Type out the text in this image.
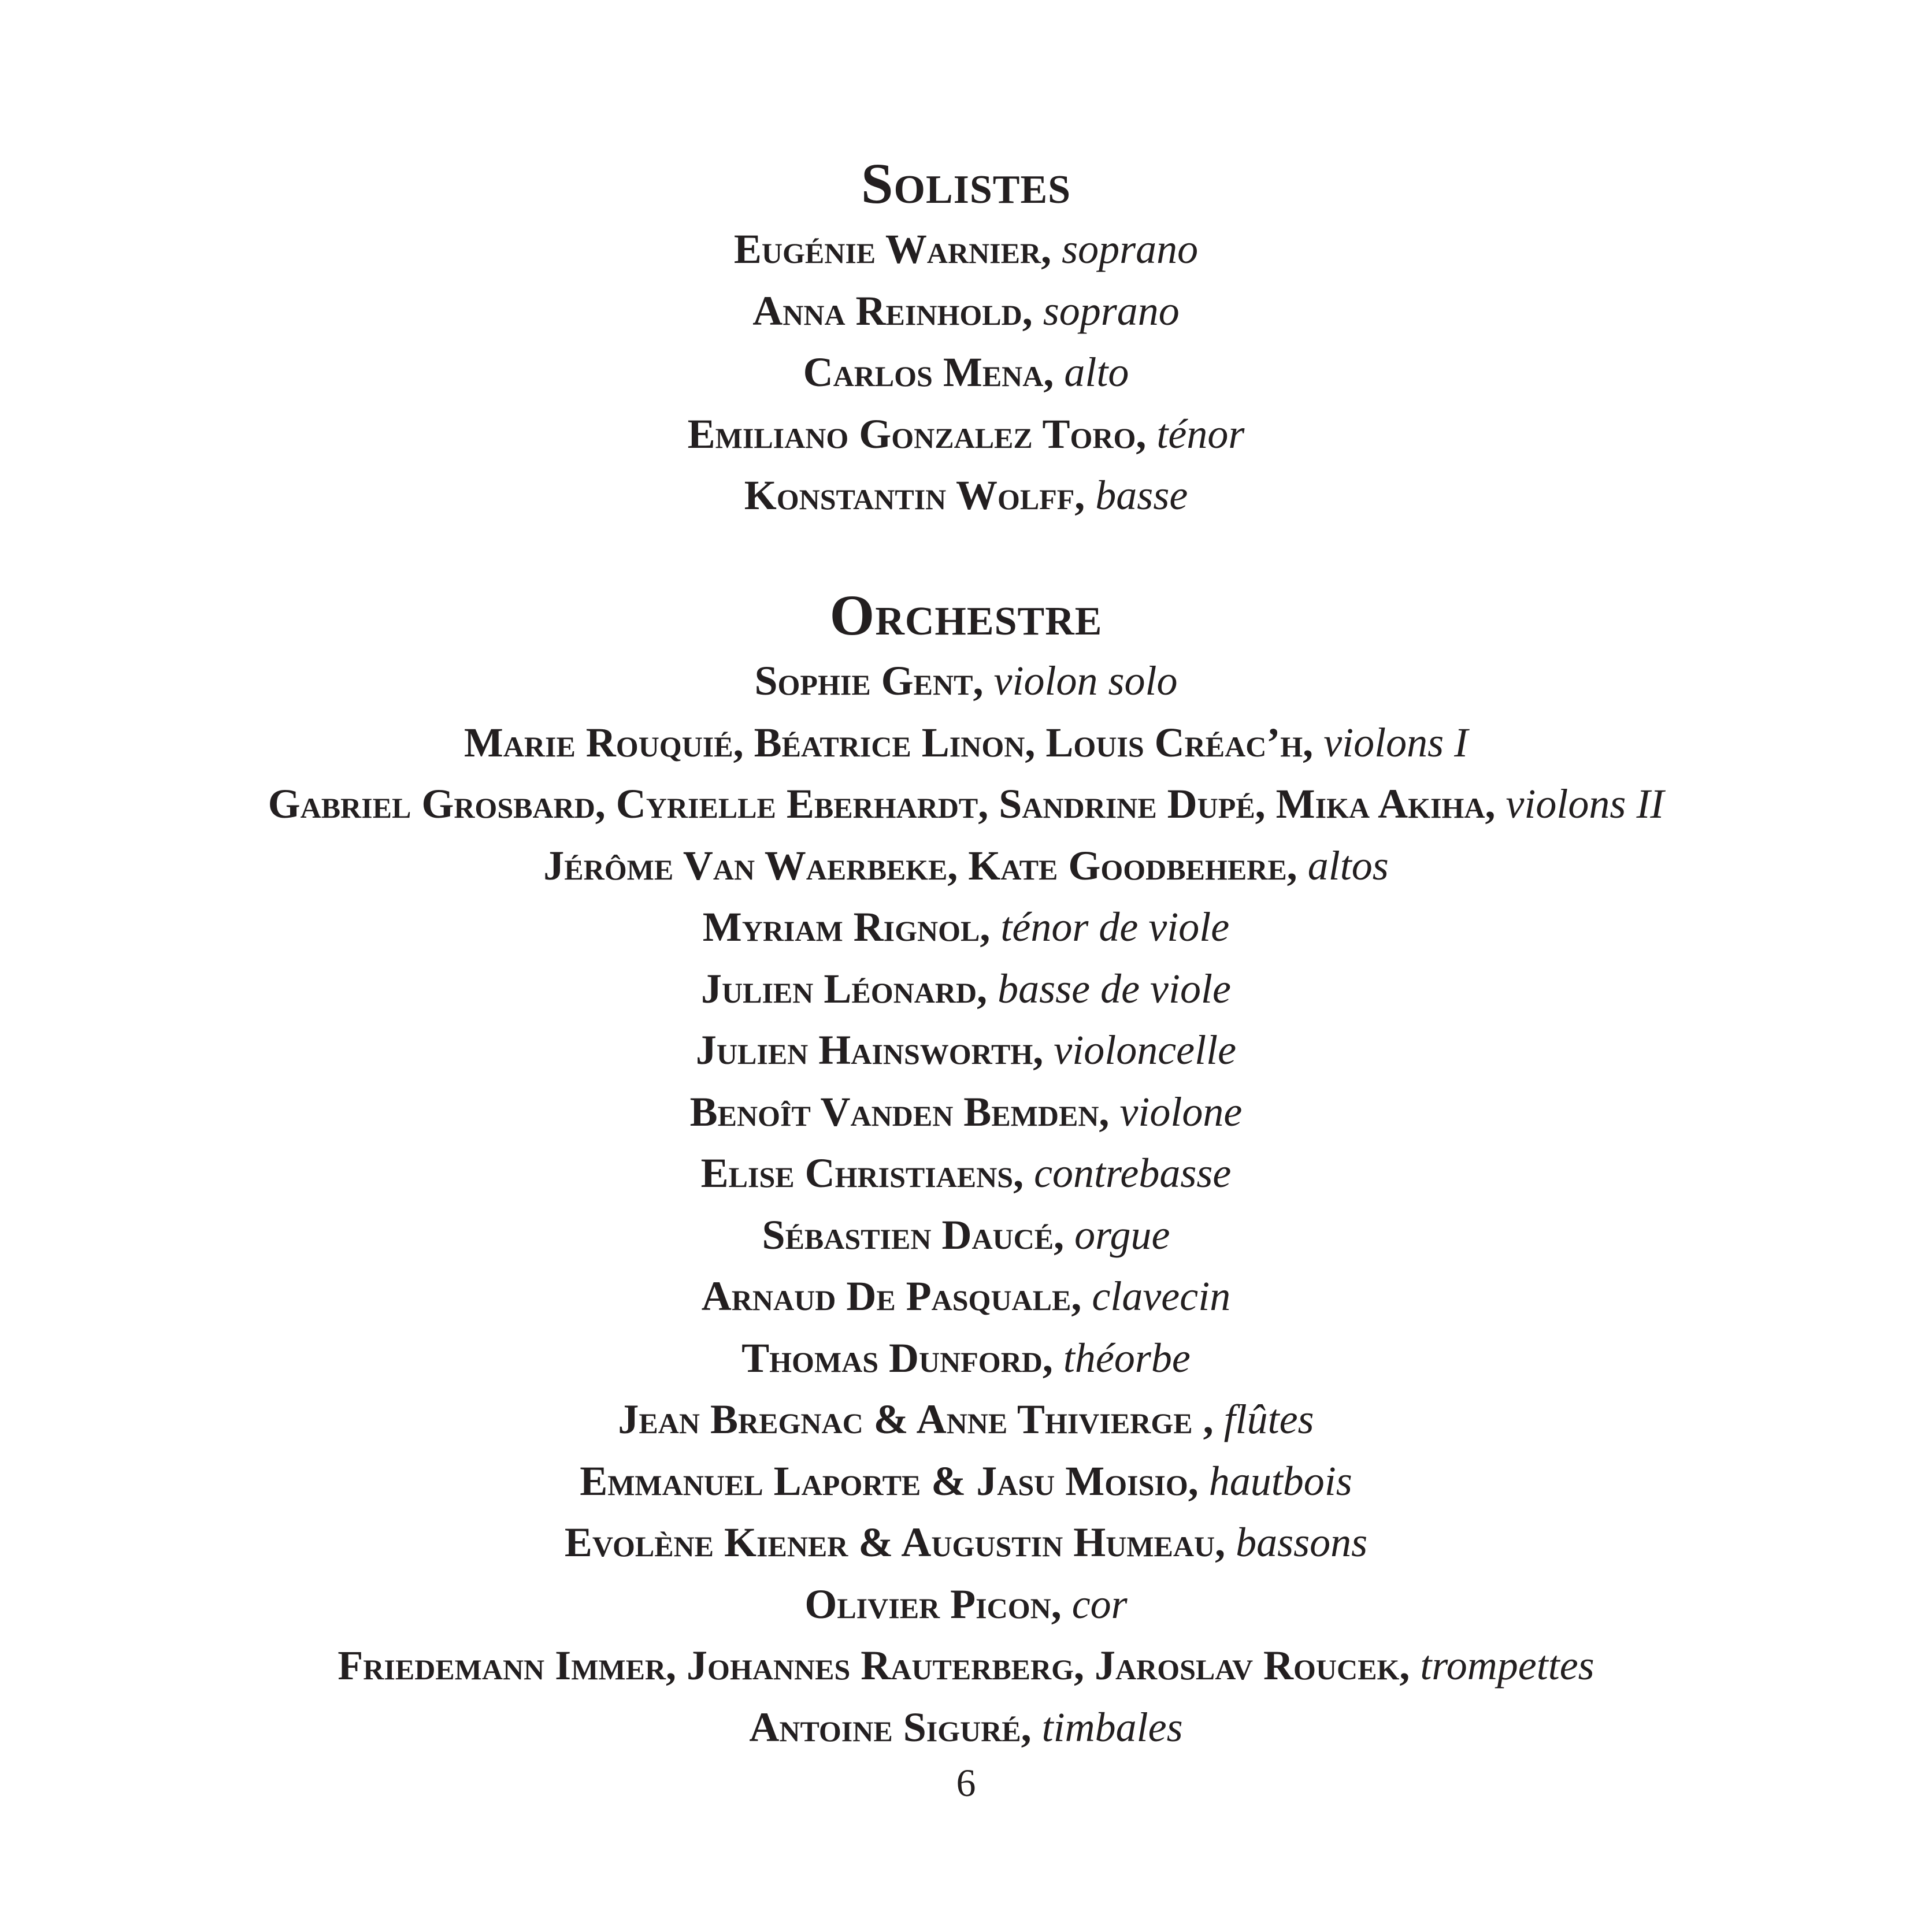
Solistes
Eugénie Warnier, soprano
Anna Reinhold, soprano
Carlos Mena, alto
Emiliano Gonzalez Toro, ténor
Konstantin Wolff, basse
Orchestre
Sophie Gent, violon solo
Marie Rouquié, Béatrice Linon, Louis Créac’h, violons I
Gabriel Grosbard, Cyrielle Eberhardt, Sandrine Dupé, Mika Akiha, violons II
Jérôme Van Waerbeke, Kate Goodbehere, altos
Myriam Rignol, ténor de viole
Julien Léonard, basse de viole
Julien Hainsworth, violoncelle
Benoît Vanden Bemden, violone
Elise Christiaens, contrebasse
Sébastien Daucé, orgue
Arnaud De Pasquale, clavecin
Thomas Dunford, théorbe
Jean Bregnac & Anne Thivierge , flûtes
Emmanuel Laporte & Jasu Moisio, hautbois
Evolène Kiener & Augustin Humeau, bassons
Olivier Picon, cor
Friedemann Immer, Johannes Rauterberg, Jaroslav Roucek, trompettes
Antoine Siguré, timbales
6
